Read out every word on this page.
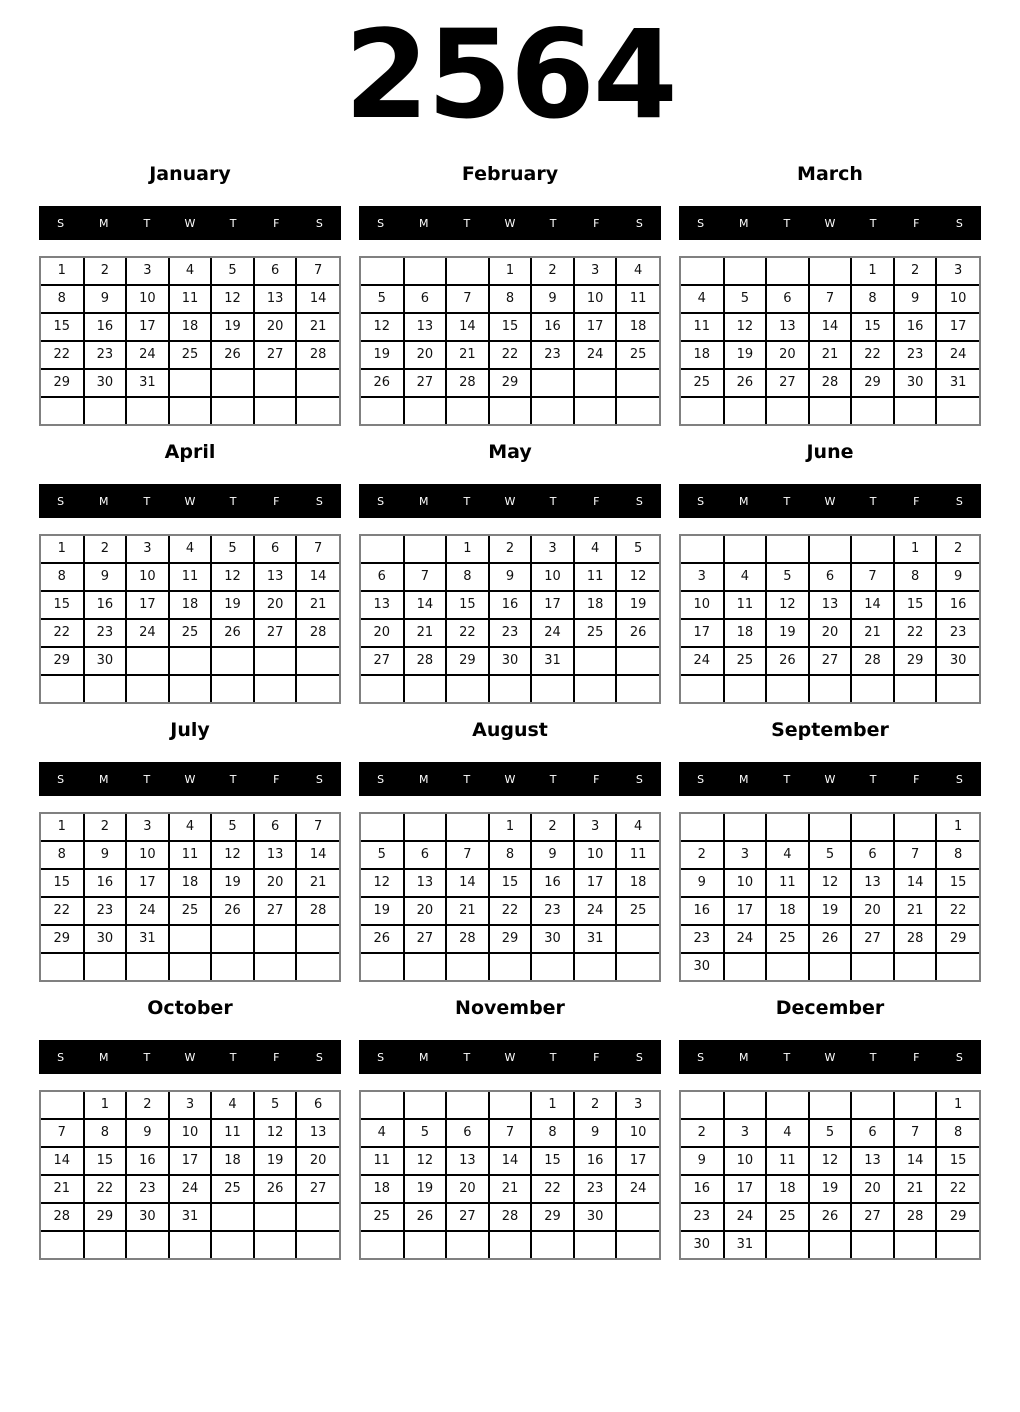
2564
January
S	M	T	W	T	F	S
1	2	3	4	5	6	7
8	9	10	11	12	13	14
15	16	17	18	19	20	21
22	23	24	25	26	27	28
29	30	31				

February
S	M	T	W	T	F	S
			1	2	3	4
5	6	7	8	9	10	11
12	13	14	15	16	17	18
19	20	21	22	23	24	25
26	27	28	29			

March
S	M	T	W	T	F	S
				1	2	3
4	5	6	7	8	9	10
11	12	13	14	15	16	17
18	19	20	21	22	23	24
25	26	27	28	29	30	31

April
S	M	T	W	T	F	S
1	2	3	4	5	6	7
8	9	10	11	12	13	14
15	16	17	18	19	20	21
22	23	24	25	26	27	28
29	30					

May
S	M	T	W	T	F	S
		1	2	3	4	5
6	7	8	9	10	11	12
13	14	15	16	17	18	19
20	21	22	23	24	25	26
27	28	29	30	31		

June
S	M	T	W	T	F	S
					1	2
3	4	5	6	7	8	9
10	11	12	13	14	15	16
17	18	19	20	21	22	23
24	25	26	27	28	29	30

July
S	M	T	W	T	F	S
1	2	3	4	5	6	7
8	9	10	11	12	13	14
15	16	17	18	19	20	21
22	23	24	25	26	27	28
29	30	31				

August
S	M	T	W	T	F	S
			1	2	3	4
5	6	7	8	9	10	11
12	13	14	15	16	17	18
19	20	21	22	23	24	25
26	27	28	29	30	31	

September
S	M	T	W	T	F	S
						1
2	3	4	5	6	7	8
9	10	11	12	13	14	15
16	17	18	19	20	21	22
23	24	25	26	27	28	29
30						
October
S	M	T	W	T	F	S
	1	2	3	4	5	6
7	8	9	10	11	12	13
14	15	16	17	18	19	20
21	22	23	24	25	26	27
28	29	30	31			

November
S	M	T	W	T	F	S
				1	2	3
4	5	6	7	8	9	10
11	12	13	14	15	16	17
18	19	20	21	22	23	24
25	26	27	28	29	30	

December
S	M	T	W	T	F	S
						1
2	3	4	5	6	7	8
9	10	11	12	13	14	15
16	17	18	19	20	21	22
23	24	25	26	27	28	29
30	31					
